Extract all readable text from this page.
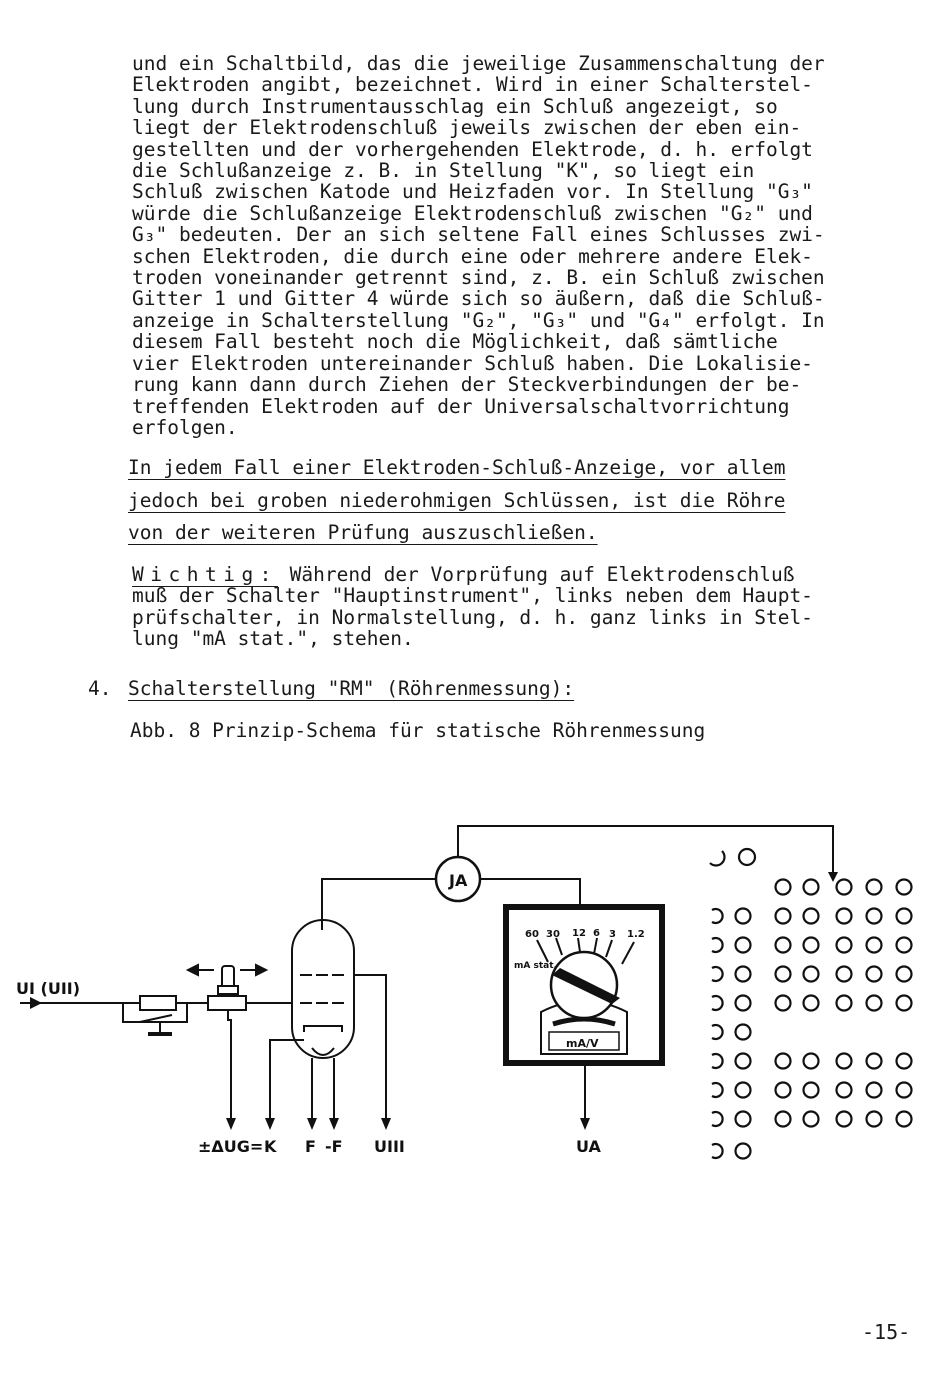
und ein Schaltbild, das die jeweilige Zusammenschaltung der
Elektroden angibt, bezeichnet. Wird in einer Schalterstel-
lung durch Instrumentausschlag ein Schluß angezeigt, so
liegt der Elektrodenschluß jeweils zwischen der eben ein-
gestellten und der vorhergehenden Elektrode, d. h. erfolgt
die Schlußanzeige z. B. in Stellung "K", so liegt ein
Schluß zwischen Katode und Heizfaden vor. In Stellung "G₃"
würde die Schlußanzeige Elektrodenschluß zwischen "G₂" und
G₃" bedeuten. Der an sich seltene Fall eines Schlusses zwi-
schen Elektroden, die durch eine oder mehrere andere Elek-
troden voneinander getrennt sind, z. B. ein Schluß zwischen
Gitter 1 und Gitter 4 würde sich so äußern, daß die Schluß-
anzeige in Schalterstellung "G₂", "G₃" und "G₄" erfolgt. In
diesem Fall besteht noch die Möglichkeit, daß sämtliche
vier Elektroden untereinander Schluß haben. Die Lokalisie-
rung kann dann durch Ziehen der Steckverbindungen der be-
treffenden Elektroden auf der Universalschaltvorrichtung
erfolgen.
In jedem Fall einer Elektroden-Schluß-Anzeige, vor allem
jedoch bei groben niederohmigen Schlüssen, ist die Röhre
von der weiteren Prüfung auszuschließen.
Wichtig: Während der Vorprüfung auf Elektrodenschluß
muß der Schalter "Hauptinstrument", links neben dem Haupt-
prüfschalter, in Normalstellung, d. h. ganz links in Stel-
lung "mA stat.", stehen.
4. Schalterstellung "RM" (Röhrenmessung):
Abb. 8 Prinzip-Schema für statische Röhrenmessung
UI (UII)
JA
60 30 12 6 3 1.2
mA stat.
mA/V
±ΔUG= K F -F UIII	UA
-15-
